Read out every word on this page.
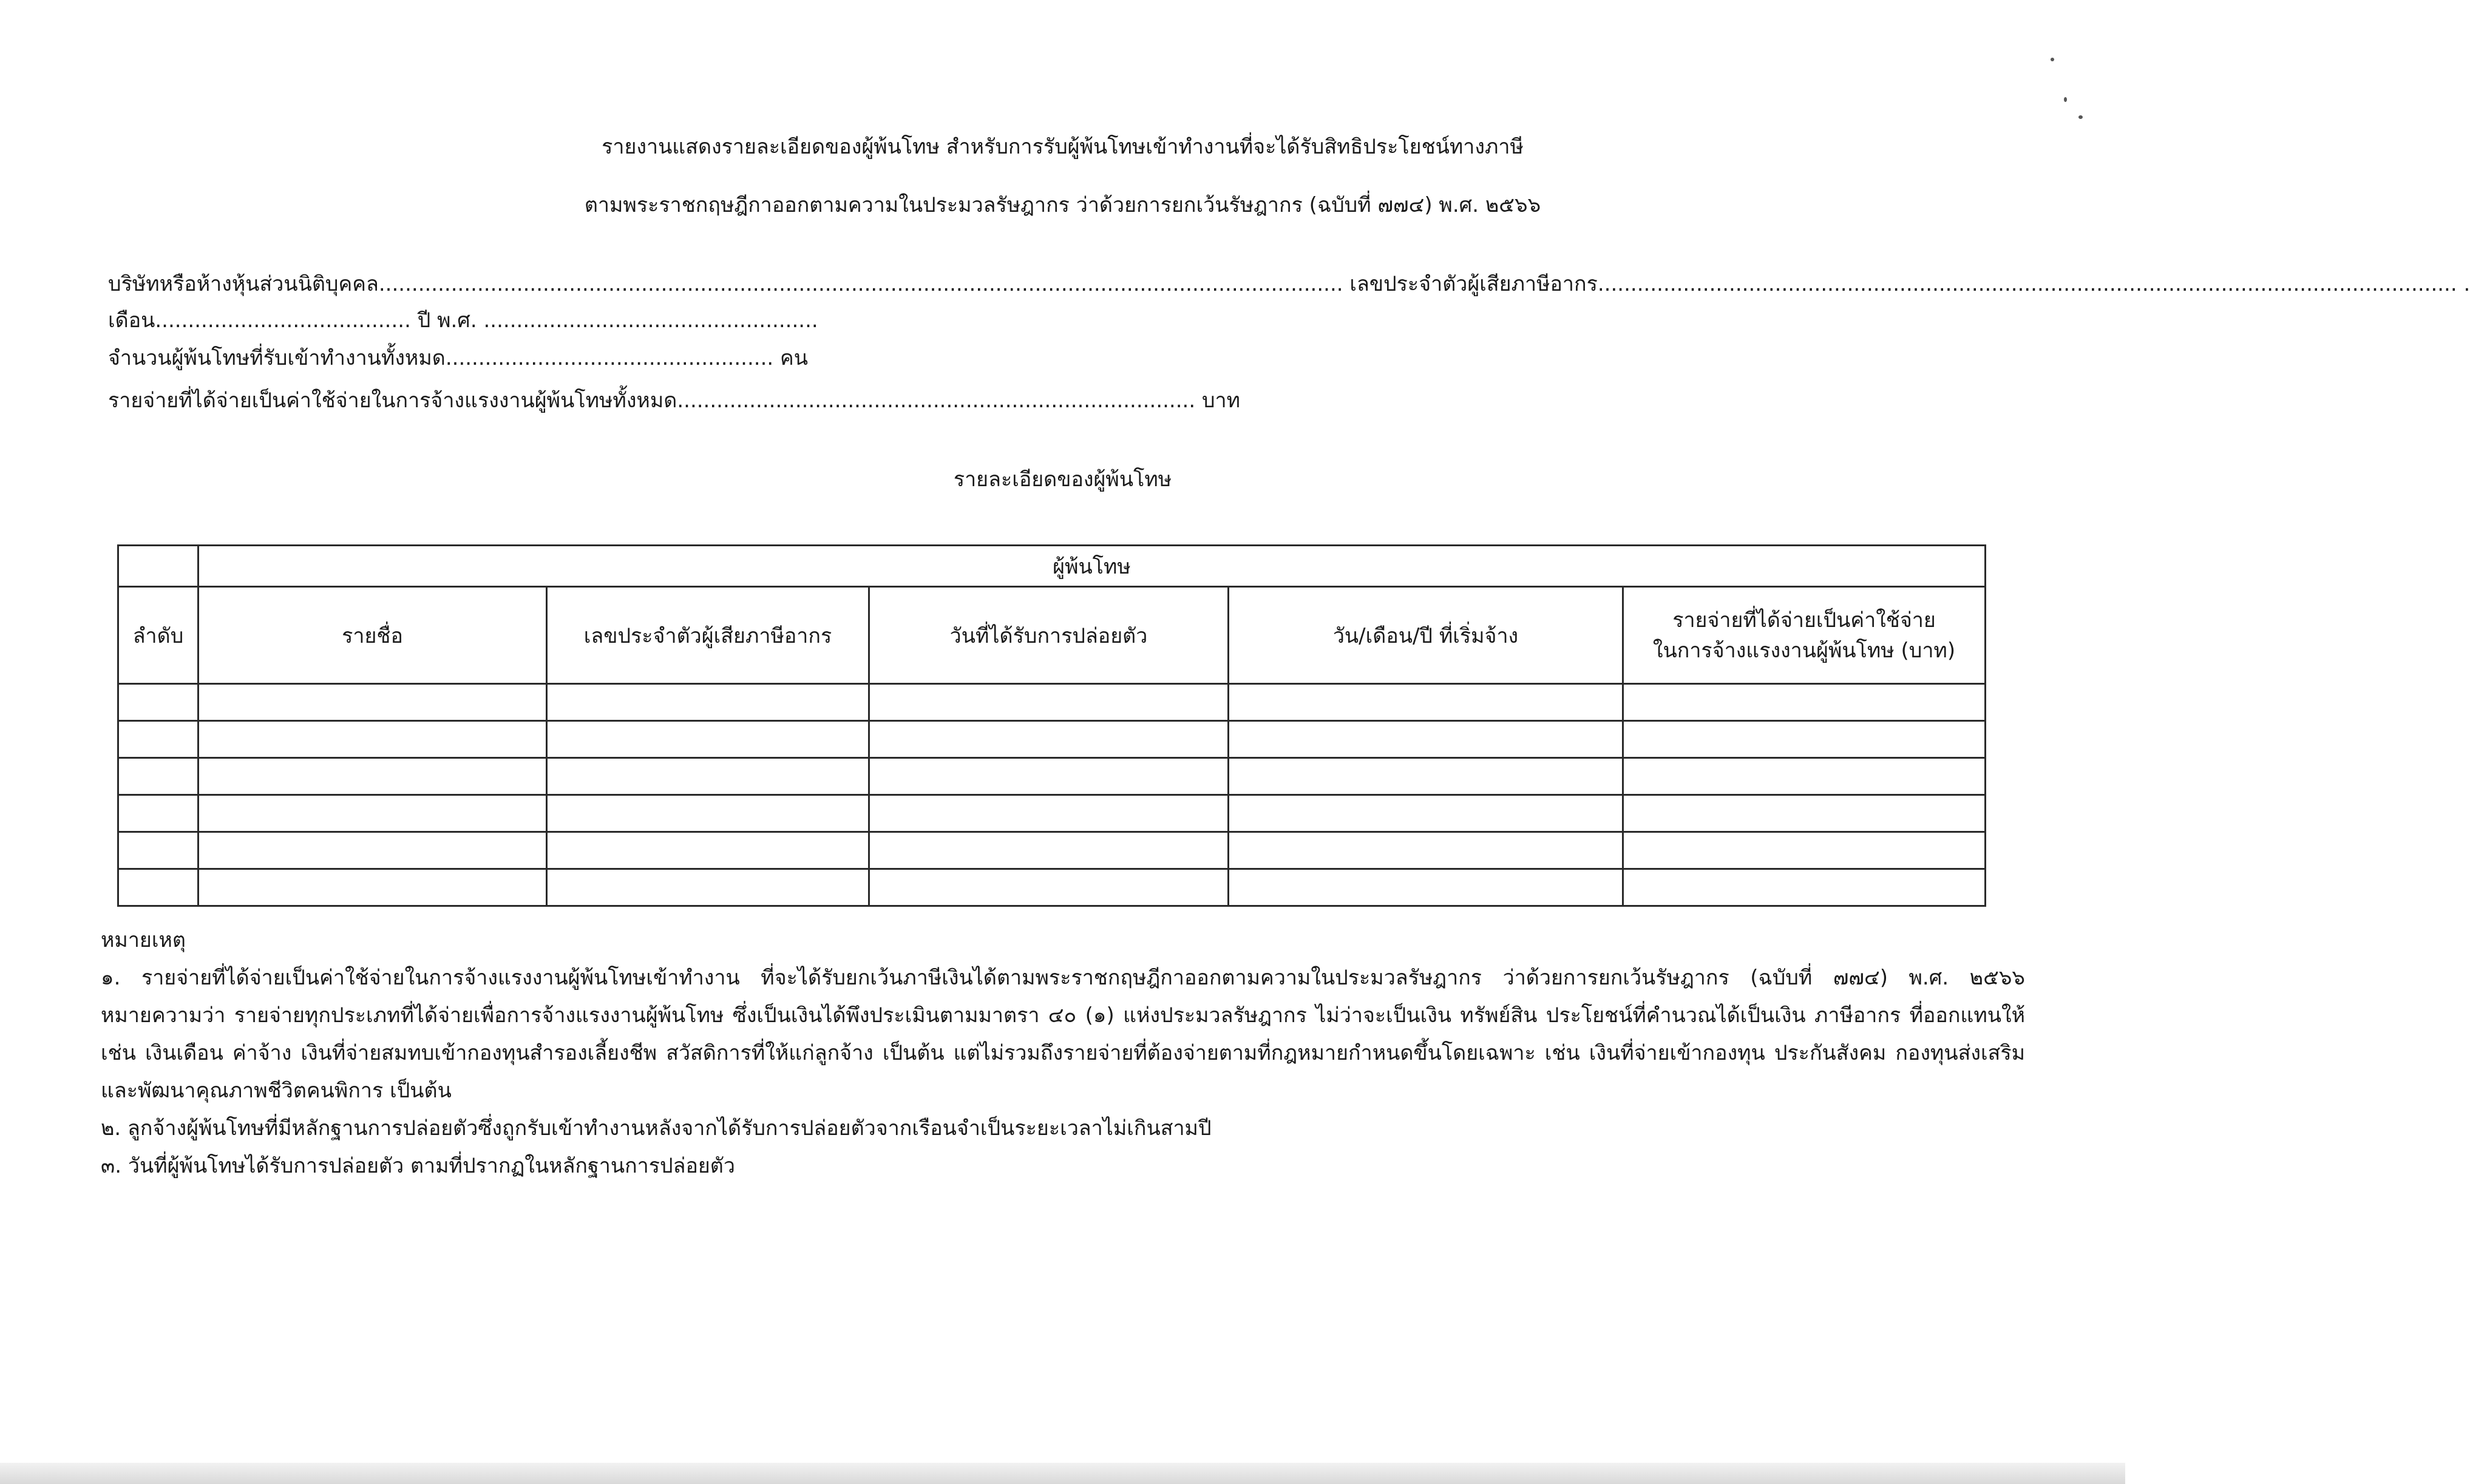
รายงานแสดงรายละเอียดของผู้พ้นโทษ สำหรับการรับผู้พ้นโทษเข้าทำงานที่จะได้รับสิทธิประโยชน์ทางภาษี

ตามพระราชกฤษฎีกาออกตามความในประมวลรัษฎากร ว่าด้วยการยกเว้นรัษฎากร (ฉบับที่ ๗๗๔) พ.ศ. ๒๕๖๖

บริษัทหรือห้างหุ้นส่วนนิติบุคคล................................................................................................................................................... เลขประจำตัวผู้เสียภาษีอากร................................................................................................................................... .

เดือน....................................... ปี พ.ศ. ...................................................

จำนวนผู้พ้นโทษที่รับเข้าทำงานทั้งหมด.................................................. คน

รายจ่ายที่ได้จ่ายเป็นค่าใช้จ่ายในการจ้างแรงงานผู้พ้นโทษทั้งหมด............................................................................... บาท

รายละเอียดของผู้พ้นโทษ

	ผู้พ้นโทษ				
ลำดับ	รายชื่อ	เลขประจำตัวผู้เสียภาษีอากร	วันที่ได้รับการปล่อยตัว	วัน/เดือน/ปี ที่เริ่มจ้าง	รายจ่ายที่ได้จ่ายเป็นค่าใช้จ่าย
ในการจ้างแรงงานผู้พ้นโทษ (บาท)

หมายเหตุ

๑. รายจ่ายที่ได้จ่ายเป็นค่าใช้จ่ายในการจ้างแรงงานผู้พ้นโทษเข้าทำงาน ที่จะได้รับยกเว้นภาษีเงินได้ตามพระราชกฤษฎีกาออกตามความในประมวลรัษฎากร ว่าด้วยการยกเว้นรัษฎากร (ฉบับที่ ๗๗๔) พ.ศ. ๒๕๖๖ หมายความว่า รายจ่ายทุกประเภทที่ได้จ่ายเพื่อการจ้างแรงงานผู้พ้นโทษ ซึ่งเป็นเงินได้พึงประเมินตามมาตรา ๔๐ (๑) แห่งประมวลรัษฎากร ไม่ว่าจะเป็นเงิน ทรัพย์สิน ประโยชน์ที่คำนวณได้เป็นเงิน ภาษีอากร ที่ออกแทนให้ เช่น เงินเดือน ค่าจ้าง เงินที่จ่ายสมทบเข้ากองทุนสำรองเลี้ยงชีพ สวัสดิการที่ให้แก่ลูกจ้าง เป็นต้น แต่ไม่รวมถึงรายจ่ายที่ต้องจ่ายตามที่กฎหมายกำหนดขึ้นโดยเฉพาะ เช่น เงินที่จ่ายเข้ากองทุน ประกันสังคม กองทุนส่งเสริม และพัฒนาคุณภาพชีวิตคนพิการ เป็นต้น

๒. ลูกจ้างผู้พ้นโทษที่มีหลักฐานการปล่อยตัวซึ่งถูกรับเข้าทำงานหลังจากได้รับการปล่อยตัวจากเรือนจำเป็นระยะเวลาไม่เกินสามปี

๓. วันที่ผู้พ้นโทษได้รับการปล่อยตัว ตามที่ปรากฏในหลักฐานการปล่อยตัว
